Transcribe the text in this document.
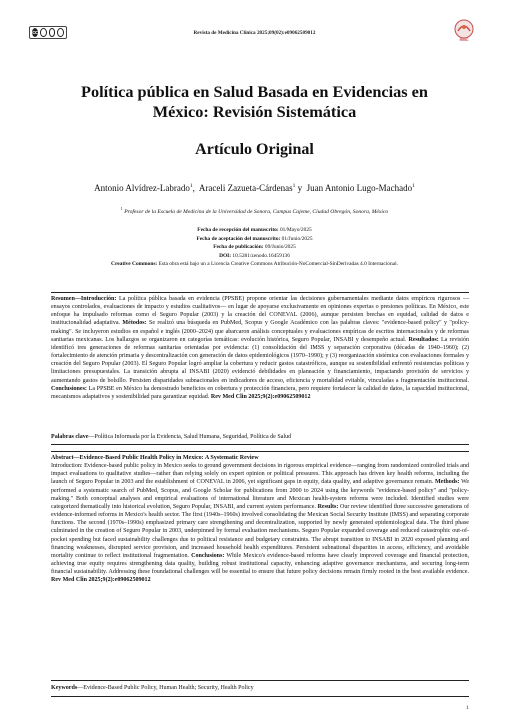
cc	Revista de Medicina Clínica 2025;09(02):e09062509012
RMC
Política pública en Salud Basada en Evidencias en
México: Revisión Sistemática
Artículo Original
Antonio Alvídrez-Labrado$^1$,  Araceli Zazueta-Cárdenas$^1$ y  Juan Antonio Lugo-Machado$^1$
$^1$ Profesor de la Escuela de Medicina de la Universidad de Sonora, Campus Cajeme, Ciudad Obregón, Sonora, México
Fecha de recepción del manuscrito: 01/Mayo/2025
Fecha de aceptación del manuscrito: 01/Junio/2025
Fecha de publicación: 09/Junio/2025
DOI: 10.5281/zenodo.16459136
Creative Commons: Esta obra está bajo un a Licencia Creative Commons Atribución-NoComercial-SinDerivadas 4.0 Internacional.
Resumen—Introducción: La política pública basada en evidencia (PPSBE) propone orientar las decisiones gubernamentales mediante datos empíricos rigurosos —ensayos controlados, evaluaciones de impacto y estudios cualitativos— en lugar de apoyarse exclusivamente en opiniones expertas o presiones políticas. En México, este enfoque ha impulsado reformas como el Seguro Popular (2003) y la creación del CONEVAL (2006), aunque persisten brechas en equidad, calidad de datos e institucionalidad adaptativa. Métodos: Se realizó una búsqueda en PubMed, Scopus y Google Académico con las palabras claves: "evidence-based policy" y "policy-making". Se incluyeron estudios en español e inglés (2000–2024) que abarcaron análisis conceptuales y evaluaciones empíricas de escritos internacionales y de reformas sanitarias mexicanas. Los hallazgos se organizaron en categorías temáticas: evolución histórica, Seguro Popular, INSABI y desempeño actual. Resultados: La revisión identificó tres generaciones de reformas sanitarias orientadas por evidencia: (1) consolidación del IMSS y separación corporativa (décadas de 1940–1960); (2) fortalecimiento de atención primaria y descentralización con generación de datos epidemiológicos (1970–1990); y (3) reorganización sistémica con evaluaciones formales y creación del Seguro Popular (2003). El Seguro Popular logró ampliar la cobertura y reducir gastos catastróficos, aunque su sostenibilidad enfrentó resistencias políticas y limitaciones presupuestales. La transición abrupta al INSABI (2020) evidenció debilidades en planeación y financiamiento, impactando provisión de servicios y aumentando gastos de bolsillo. Persisten disparidades subnacionales en indicadores de acceso, eficiencia y mortalidad evitable, vinculadas a fragmentación institucional. Conclusiones: La PPSBE en México ha demostrado beneficios en cobertura y protección financiera, pero requiere fortalecer la calidad de datos, la capacidad institucional, mecanismos adaptativos y sostenibilidad para garantizar equidad. Rev Med Clin 2025;9(2):e09062509012
Palabras clave—Política Informada por la Evidencia, Salud Humana, Seguridad, Política de Salud
Abstract—Evidence-Based Public Health Policy in Mexico: A Systematic Review
Introduction: Evidence-based public policy in Mexico seeks to ground government decisions in rigorous empirical evidence—ranging from randomized controlled trials and impact evaluations to qualitative studies—rather than relying solely on expert opinion or political pressures. This approach has driven key health reforms, including the launch of Seguro Popular in 2003 and the establishment of CONEVAL in 2006, yet significant gaps in equity, data quality, and adaptive governance remain. Methods: We performed a systematic search of PubMed, Scopus, and Google Scholar for publications from 2000 to 2024 using the keywords "evidence-based policy" and "policy-making." Both conceptual analyses and empirical evaluations of international literature and Mexican health-system reforms were included. Identified studies were categorized thematically into historical evolution, Seguro Popular, INSABI, and current system performance. Results: Our review identified three successive generations of evidence-informed reforms in Mexico's health sector. The first (1940s–1960s) involved consolidating the Mexican Social Security Institute (IMSS) and separating corporate functions. The second (1970s–1990s) emphasized primary care strengthening and decentralization, supported by newly generated epidemiological data. The third phase culminated in the creation of Seguro Popular in 2003, underpinned by formal evaluation mechanisms. Seguro Popular expanded coverage and reduced catastrophic out-of-pocket spending but faced sustainability challenges due to political resistance and budgetary constraints. The abrupt transition to INSABI in 2020 exposed planning and financing weaknesses, disrupted service provision, and increased household health expenditures. Persistent subnational disparities in access, efficiency, and avoidable mortality continue to reflect institutional fragmentation. Conclusions: While Mexico's evidence-based reforms have clearly improved coverage and financial protection, achieving true equity requires strengthening data quality, building robust institutional capacity, enhancing adaptive governance mechanisms, and securing long-term financial sustainability. Addressing these foundational challenges will be essential to ensure that future policy decisions remain firmly rooted in the best available evidence. Rev Med Clin 2025;9(2):e09062509012
Keywords—Evidence-Based Public Policy, Human Health; Security, Health Policy
1
